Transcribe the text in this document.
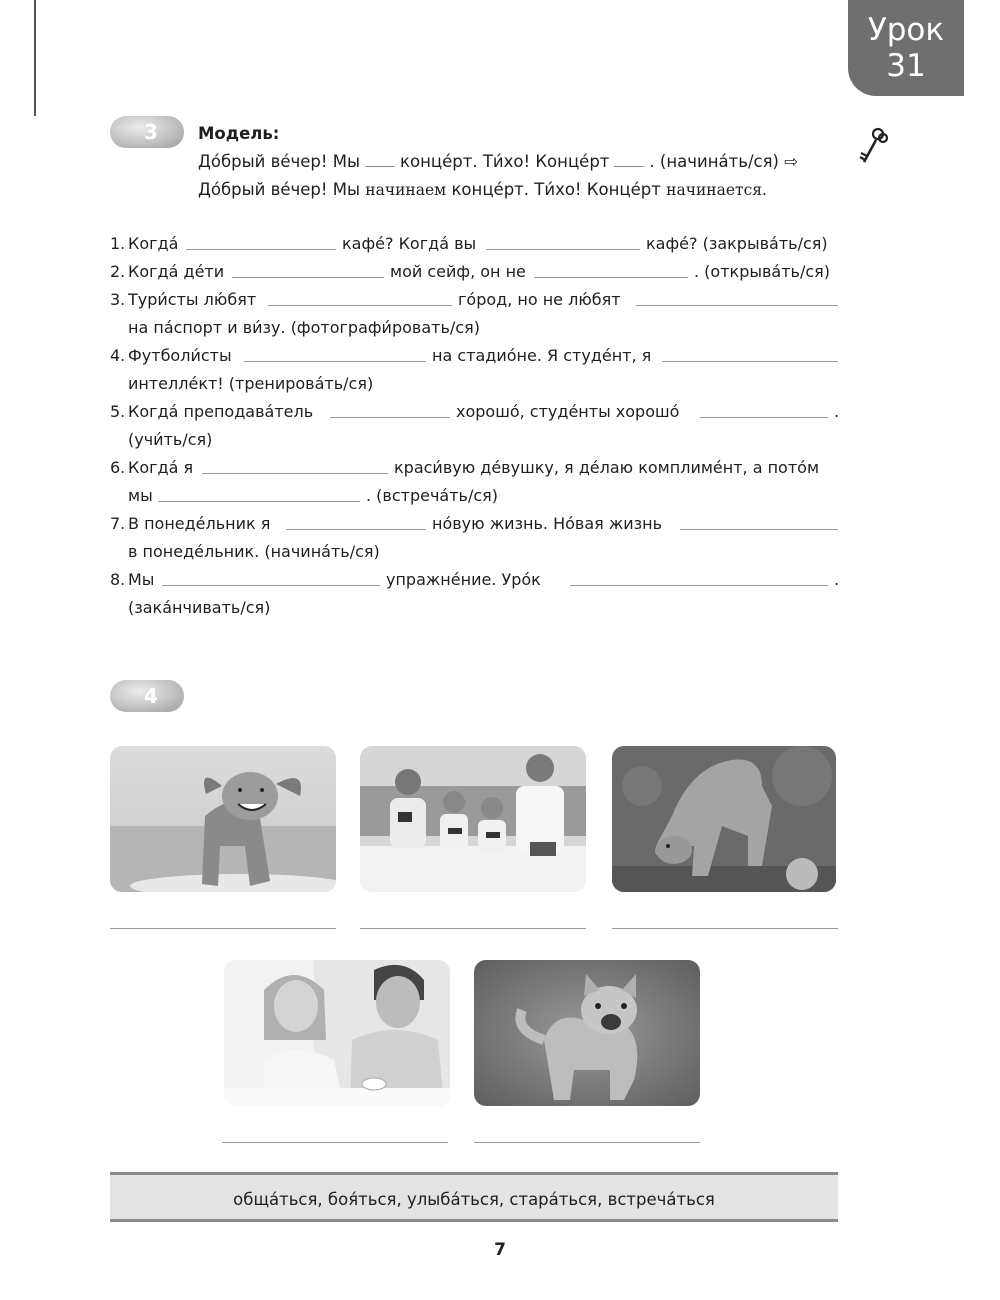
Урок
31
3	Модель:
До́брый ве́чер! Мы конце́рт. Ти́хо! Конце́рт . (начина́ть/ся) ⇨
До́брый ве́чер! Мы начинаем конце́рт. Ти́хо! Конце́рт начинается.
1. Когда́	кафе́? Когда́ вы	кафе́? (закрыва́ть/ся)
2. Когда́ де́ти	мой сейф, он не	. (открыва́ть/ся)
3. Тури́сты лю́бят	го́род, но не лю́бят
на па́спорт и ви́зу. (фотографи́ровать/ся)
4. Футболи́сты	на стадио́не. Я студе́нт, я
интелле́кт! (тренирова́ть/ся)
5. Когда́ преподава́тель	хорошо́, студе́нты хорошо́	.
(учи́ть/ся)
6. Когда́ я	краси́вую де́вушку, я де́лаю комплиме́нт, а пото́м
мы	. (встреча́ть/ся)
7. В понеде́льник я	но́вую жизнь. Но́вая жизнь
в понеде́льник. (начина́ть/ся)
8. Мы	упражне́ние. Уро́к	.
(зака́нчивать/ся)
4
обща́ться, боя́ться, улыба́ться, стара́ться, встреча́ться
7
